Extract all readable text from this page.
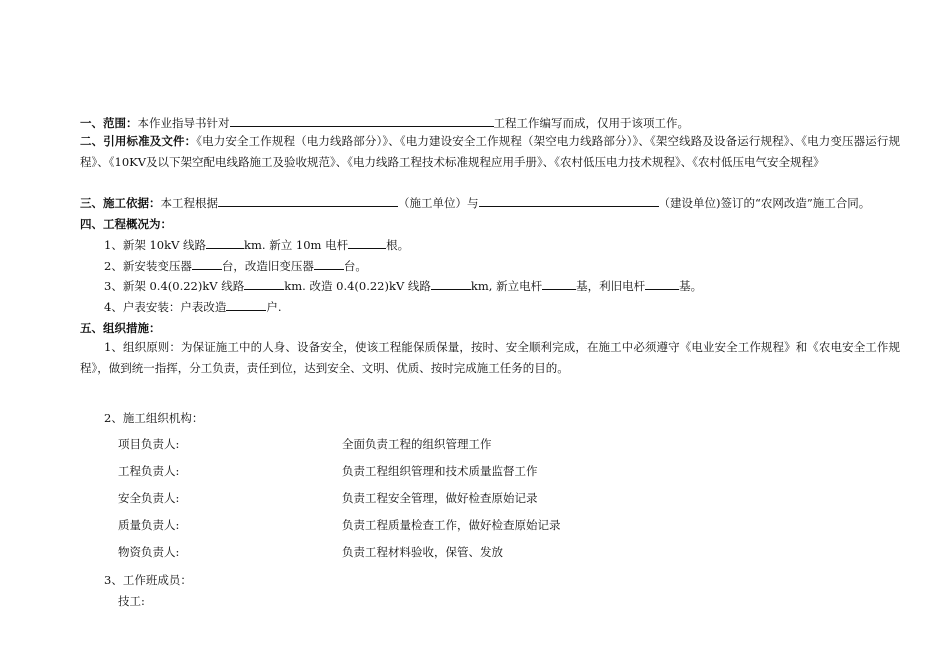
一、范围：本作业指导书针对	工程工作编写而成，仅用于该项工作。
二、引用标准及文件：《电力安全工作规程（电力线路部分）》、《电力建设安全工作规程（架空电力线路部分）》、《架空线路及设备运行规程》、《电力变压器运行规程》、《10KV及以下架空配电线路施工及验收规范》、《电力线路工程技术标准规程应用手册》、《农村低压电力技术规程》、《农村低压电气安全规程》
三、施工依据：本工程根据	（施工单位）与	（建设单位)签订的“农网改造”施工合同。
四、工程概况为：
1、新架 10kV 线路	km. 新立 10m 电杆	根。
2、新安装变压器	台，改造旧变压器	台。
3、新架 0.4(0.22)kV 线路	km. 改造 0.4(0.22)kV 线路	km, 新立电杆	基，利旧电杆	基。
4、户表安装：户表改造	户.
五、组织措施：
1、组织原则：为保证施工中的人身、设备安全，使该工程能保质保量，按时、安全顺利完成，在施工中必须遵守《电业安全工作规程》和《农电安全工作规程》，做到统一指挥，分工负责，责任到位，达到安全、文明、优质、按时完成施工任务的目的。
2、施工组织机构：
项目负责人:	全面负责工程的组织管理工作
工程负责人:	负责工程组织管理和技术质量监督工作
安全负责人:	负责工程安全管理，做好检查原始记录
质量负责人:	负责工程质量检查工作，做好检查原始记录
物资负责人:	负责工程材料验收，保管、发放
3、工作班成员：
技工:
